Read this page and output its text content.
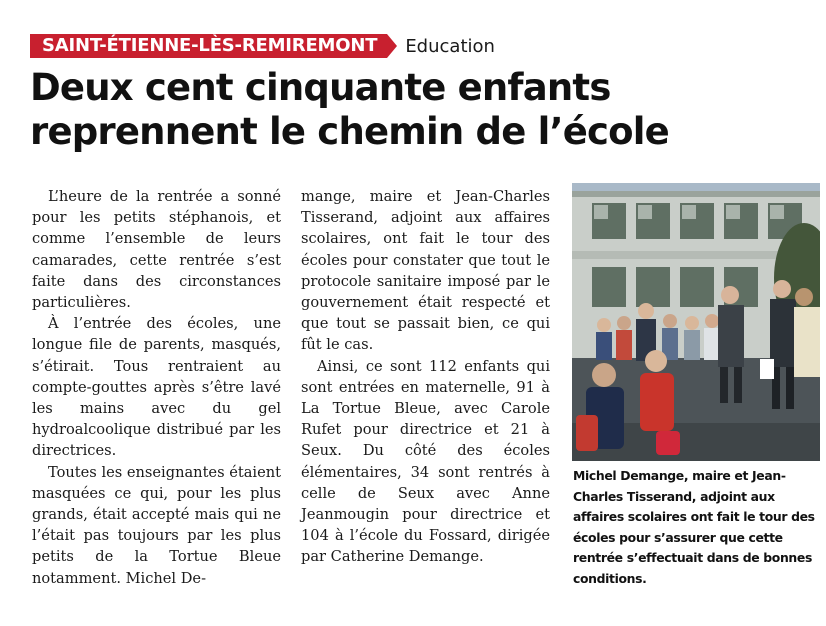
SAINT-ÉTIENNE-LÈS-REMIREMONT	Education
Deux cent cinquante enfants reprennent le chemin de l’école

L’heure de la rentrée a sonné pour les petits stéphanois, et comme l’ensemble de leurs camarades, cette rentrée s’est faite dans des circonstances particulières.

À l’entrée des écoles, une longue file de parents, masqués, s’étirait. Tous rentraient au compte-gouttes après s’être lavé les mains avec du gel hydroalcoolique distribué par les directrices.

Toutes les enseignantes étaient masquées ce qui, pour les plus grands, était accepté mais qui ne l’était pas toujours par les plus petits de la Tortue Bleue notamment. Michel De-

mange, maire et Jean-Charles Tisserand, adjoint aux affaires scolaires, ont fait le tour des écoles pour constater que tout le protocole sanitaire imposé par le gouvernement était respecté et que tout se passait bien, ce qui fût le cas.

Ainsi, ce sont 112 enfants qui sont entrées en maternelle, 91 à La Tortue Bleue, avec Carole Rufet pour directrice et 21 à Seux. Du côté des écoles élémentaires, 34 sont rentrés à celle de Seux avec Anne Jeanmougin pour directrice et 104 à l’école du Fossard, dirigée par Catherine Demange.

Michel Demange, maire et Jean-Charles Tisserand, adjoint aux affaires scolaires ont fait le tour des écoles pour s’assurer que cette rentrée s’effectuait dans de bonnes conditions.
